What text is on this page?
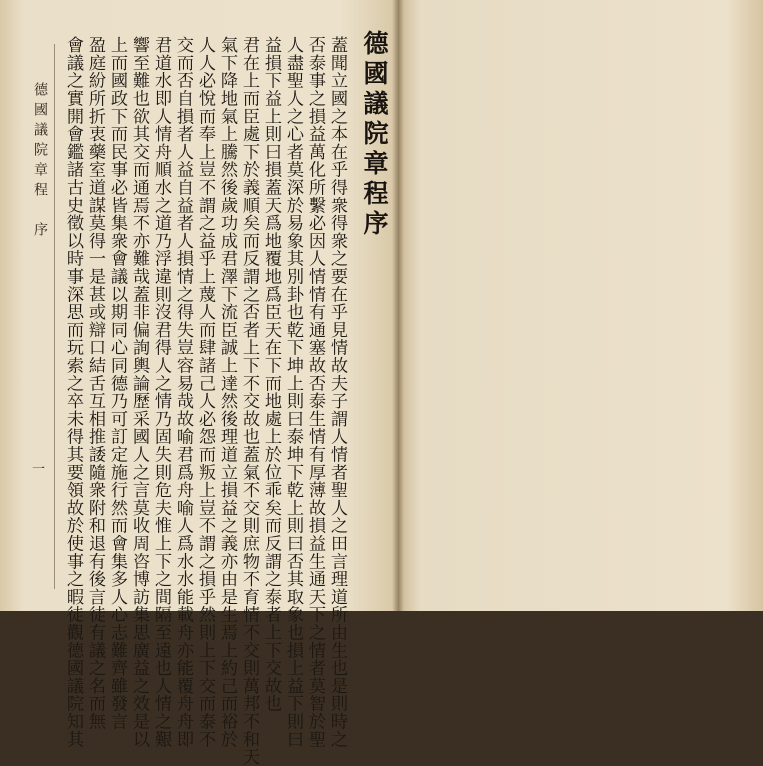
德國議院章程　序
一
德國議院章程序
蓋聞立國之本在乎得衆得衆之要在乎見情故夫子謂人情者聖人之田言理道所由生也是則時之
否泰事之損益萬化所繫必因人情情有通塞故否泰生情有厚薄故損益生通天下之情者莫智於聖
人盡聖人之心者莫深於易象其別卦也乾下坤上則曰泰坤下乾上則曰否其取象也損上益下則曰
益損下益上則曰損蓋天爲地覆地爲臣天在下而地處上於位乖矣而反謂之泰者上下交故也
君在上而臣處下於義順矣而反謂之否者上下不交故也蓋氣不交則庶物不育情不交則萬邦不和天
氣下降地氣上騰然後歲功成君澤下流臣誠上達然後理道立損益之義亦由是生焉上約己而裕於
人人必悅而奉上豈不謂之益乎上蔑人而肆諸己人必怨而叛上豈不謂之損乎然則上下交而泰不
交而否自損者人益自益者人損情之得失豈容易哉故喻君爲舟喻人爲水水能載舟亦能覆舟舟即
君道水即人情舟順水之道乃浮違則沒君得人之情乃固失則危夫惟上下之間隔至遠也人情之艱
響至難也欲其交而通焉不亦難哉蓋非偏詢輿論歷采國人之言莫收周咨博訪集思廣益之效是以
上而國政下而民事必皆集衆會議以期同心同德乃可訂定施行然而會集多人心志難齊雖發言
盈庭紛所折衷藥室道謀莫得一是甚或辯口結舌互相推諉隨衆附和退有後言徒有議之名而無
會議之實開會鑑諸古史徵以時事深思而玩索之卒未得其要領故於使事之暇徒觀德國議院知其
